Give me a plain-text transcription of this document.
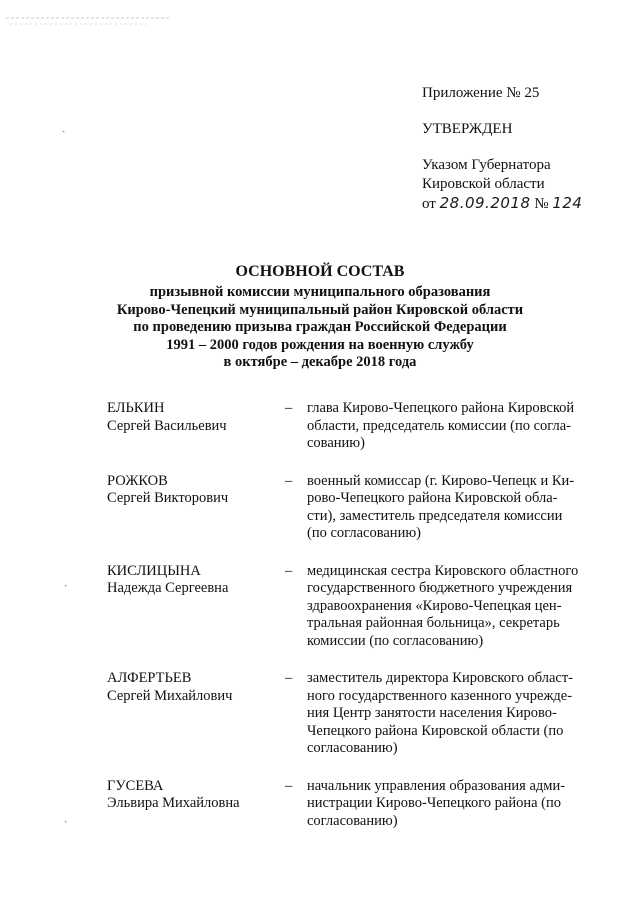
ˏ
ˏ
ˏ
Приложение № 25
УТВЕРЖДЕН
Указом Губернатора
Кировской области
от 28.09.2018 № 124
ОСНОВНОЙ СОСТАВ
призывной комиссии муниципального образования
Кирово-Чепецкий муниципальный район Кировской области
по проведению призыва граждан Российской Федерации
1991 – 2000 годов рождения на военную службу
в октябре – декабре 2018 года
ЕЛЬКИН
Сергей Васильевич
–	глава Кирово-Чепецкого района Кировской
области, председатель комиссии (по согла-
сованию)
РОЖКОВ
Сергей Викторович
–	военный комиссар (г. Кирово-Чепецк и Ки-
рово-Чепецкого района Кировской обла-
сти), заместитель председателя комиссии
(по согласованию)
КИСЛИЦЫНА
Надежда Сергеевна
–	медицинская сестра Кировского областного
государственного бюджетного учреждения
здравоохранения «Кирово-Чепецкая цен-
тральная районная больница», секретарь
комиссии (по согласованию)
АЛФЕРТЬЕВ
Сергей Михайлович
–	заместитель директора Кировского област-
ного государственного казенного учрежде-
ния Центр занятости населения Кирово-
Чепецкого района Кировской области (по
согласованию)
ГУСЕВА
Эльвира Михайловна
–	начальник управления образования адми-
нистрации Кирово-Чепецкого района (по
согласованию)
